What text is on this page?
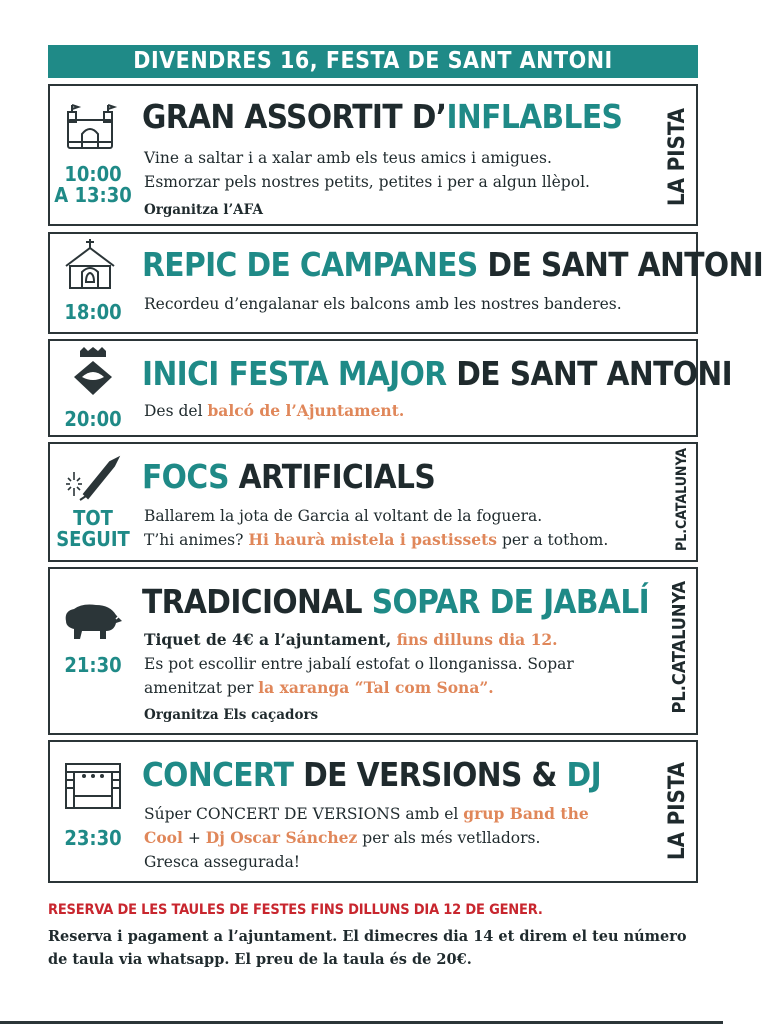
DIVENDRES 16, FESTA DE SANT ANTONI
10:00
A 13:30
GRAN ASSORTIT D’INFLABLES
Vine a saltar i a xalar amb els teus amics i amigues.
Esmorzar pels nostres petits, petites i per a algun llèpol.
Organitza l’AFA
LA PISTA
18:00
REPIC DE CAMPANES DE SANT ANTONI
Recordeu d’engalanar els balcons amb les nostres banderes.
20:00
INICI FESTA MAJOR DE SANT ANTONI
Des del balcó de l’Ajuntament.
TOT
SEGUIT
FOCS ARTIFICIALS
Ballarem la jota de Garcia al voltant de la foguera.
T’hi animes? Hi haurà mistela i pastissets per a tothom.	PL.CATALUNYA
21:30
TRADICIONAL SOPAR DE JABALÍ
Tiquet de 4€ a l’ajuntament, fins dilluns dia 12.
Es pot escollir entre jabalí estofat o llonganissa. Sopar
amenitzat per la xaranga “Tal com Sona”.
Organitza Els caçadors
PL.CATALUNYA
23:30
CONCERT DE VERSIONS & DJ
Súper CONCERT DE VERSIONS amb el grup Band the
Cool + Dj Oscar Sánchez per als més vetlladors.
Gresca assegurada!
LA PISTA
RESERVA DE LES TAULES DE FESTES FINS DILLUNS DIA 12 DE GENER.
Reserva i pagament a l’ajuntament. El dimecres dia 14 et direm el teu número
de taula via whatsapp. El preu de la taula és de 20€.
